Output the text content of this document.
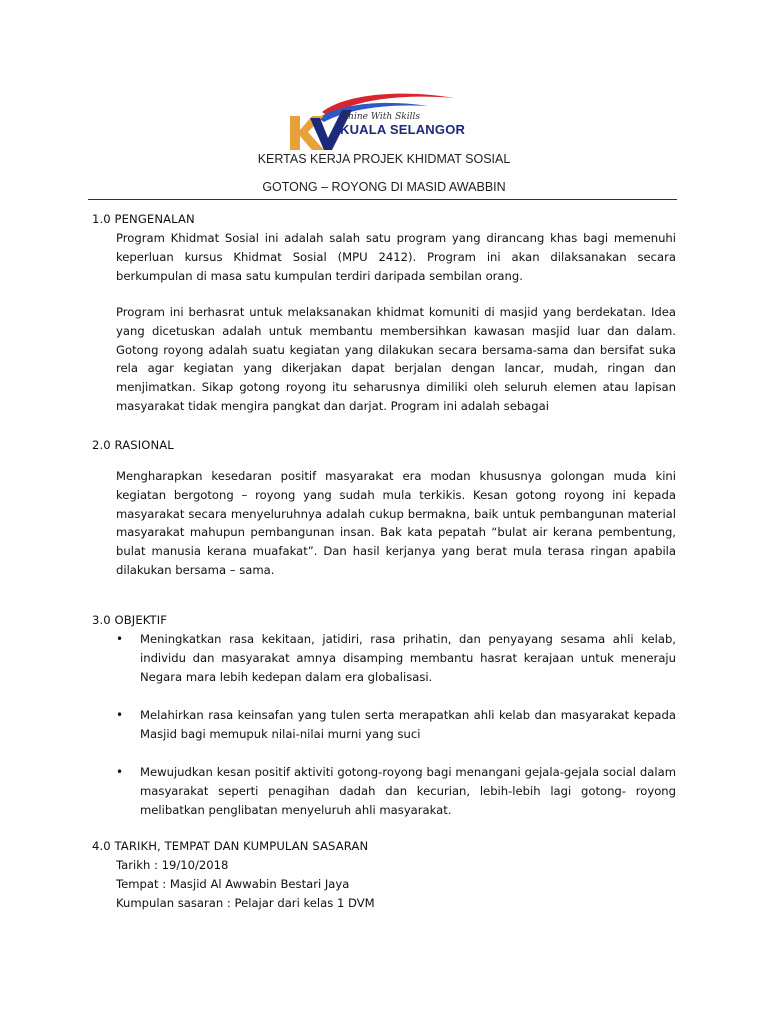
Shine With Skills
KUALA SELANGOR
KERTAS KERJA PROJEK KHIDMAT SOSIAL
GOTONG – ROYONG DI MASID AWABBIN
1.0 PENGENALAN

Program Khidmat Sosial ini adalah salah satu program yang dirancang khas bagi memenuhi keperluan kursus Khidmat Sosial (MPU 2412). Program ini akan dilaksanakan secara berkumpulan di masa satu kumpulan terdiri daripada sembilan orang.

Program ini berhasrat untuk melaksanakan khidmat komuniti di masjid yang berdekatan. Idea yang dicetuskan adalah untuk membantu membersihkan kawasan masjid luar dan dalam. Gotong royong adalah suatu kegiatan yang dilakukan secara bersama-sama dan bersifat suka rela agar kegiatan yang dikerjakan dapat berjalan dengan lancar, mudah, ringan dan menjimatkan. Sikap gotong royong itu seharusnya dimiliki oleh seluruh elemen atau lapisan masyarakat tidak mengira pangkat dan darjat. Program ini adalah sebagai

2.0 RASIONAL

Mengharapkan kesedaran positif masyarakat era modan khususnya golongan muda kini kegiatan bergotong – royong yang sudah mula terkikis. Kesan gotong royong ini kepada masyarakat secara menyeluruhnya adalah cukup bermakna, baik untuk pembangunan material masyarakat mahupun pembangunan insan. Bak kata pepatah “bulat air kerana pembentung, bulat manusia kerana muafakat”. Dan hasil kerjanya yang berat mula terasa ringan apabila dilakukan bersama – sama.

3.0 OBJEKTIF
•	Meningkatkan rasa kekitaan, jatidiri, rasa prihatin, dan penyayang sesama ahli kelab, individu dan masyarakat amnya disamping membantu hasrat kerajaan untuk meneraju Negara mara lebih kedepan dalam era globalisasi.

•	Melahirkan rasa keinsafan yang tulen serta merapatkan ahli kelab dan masyarakat kepada Masjid bagi memupuk nilai-nilai murni yang suci

•	Mewujudkan kesan positif aktiviti gotong-royong bagi menangani gejala-gejala social dalam masyarakat seperti penagihan dadah dan kecurian, lebih-lebih lagi gotong- royong melibatkan penglibatan menyeluruh ahli masyarakat.

4.0 TARIKH, TEMPAT DAN KUMPULAN SASARAN

Tarikh : 19/10/2018

Tempat : Masjid Al Awwabin Bestari Jaya

Kumpulan sasaran : Pelajar dari kelas 1 DVM
